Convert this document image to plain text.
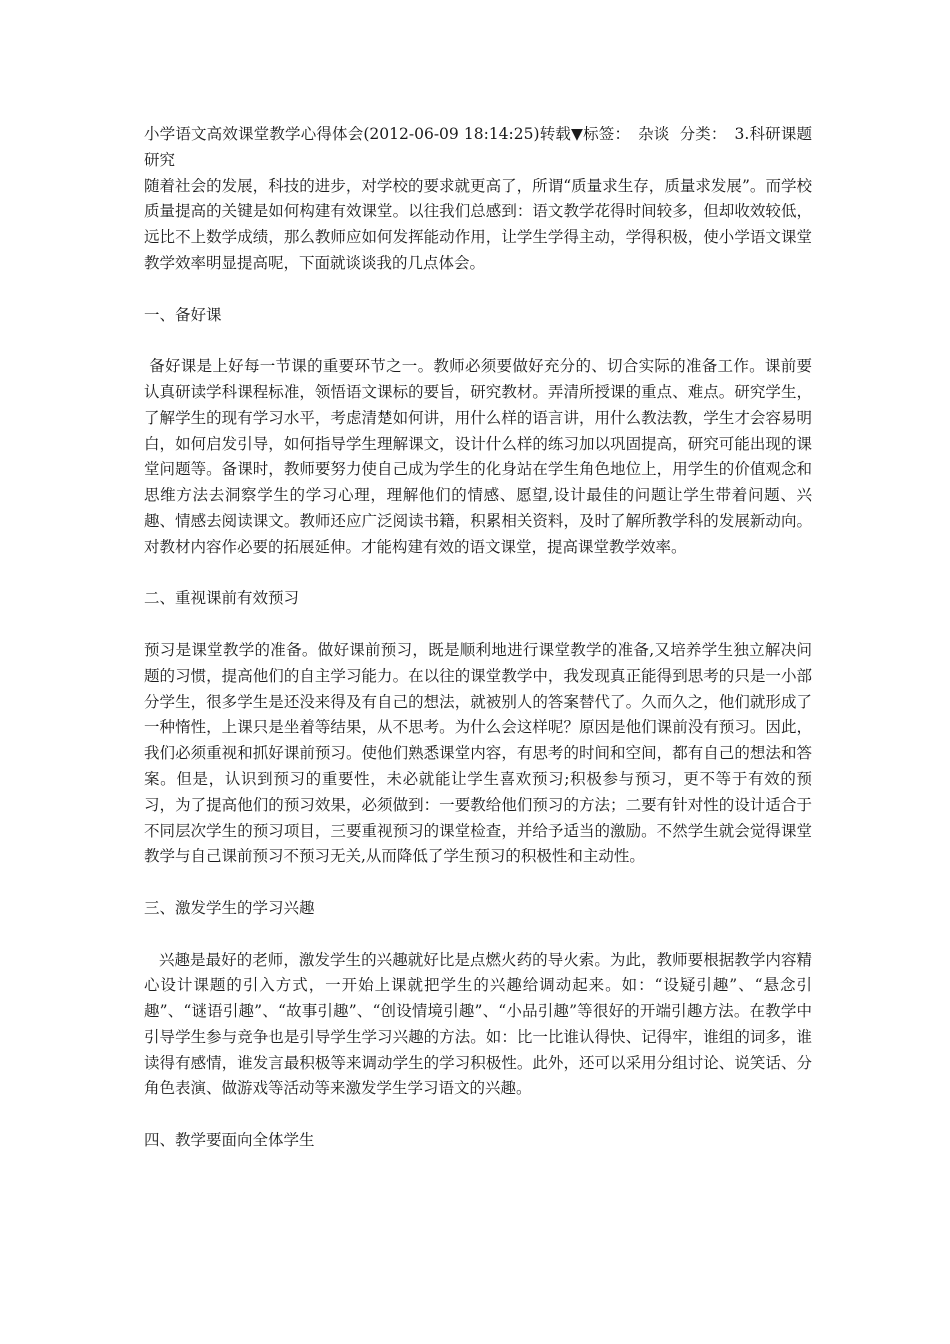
小学语文高效课堂教学心得体会(2012-06-09 18:14:25)转载▼标签：　杂谈  分类：　3.科研课题研究

随着社会的发展，科技的进步，对学校的要求就更高了，所谓“质量求生存，质量求发展”。而学校质量提高的关键是如何构建有效课堂。以往我们总感到：语文教学花得时间较多，但却收效较低，远比不上数学成绩，那么教师应如何发挥能动作用，让学生学得主动，学得积极，使小学语文课堂教学效率明显提高呢，下面就谈谈我的几点体会。

一、备好课

备好课是上好每一节课的重要环节之一。教师必须要做好充分的、切合实际的准备工作。课前要认真研读学科课程标准，领悟语文课标的要旨，研究教材。弄清所授课的重点、难点。研究学生，了解学生的现有学习水平，考虑清楚如何讲，用什么样的语言讲，用什么教法教，学生才会容易明白，如何启发引导，如何指导学生理解课文，设计什么样的练习加以巩固提高，研究可能出现的课堂问题等。备课时，教师要努力使自己成为学生的化身站在学生角色地位上，用学生的价值观念和思维方法去洞察学生的学习心理，理解他们的情感、愿望,设计最佳的问题让学生带着问题、兴趣、情感去阅读课文。教师还应广泛阅读书籍，积累相关资料，及时了解所教学科的发展新动向。对教材内容作必要的拓展延伸。才能构建有效的语文课堂，提高课堂教学效率。

二、重视课前有效预习

预习是课堂教学的准备。做好课前预习，既是顺利地进行课堂教学的准备,又培养学生独立解决问题的习惯，提高他们的自主学习能力。在以往的课堂教学中，我发现真正能得到思考的只是一小部分学生，很多学生是还没来得及有自己的想法，就被别人的答案替代了。久而久之，他们就形成了一种惰性，上课只是坐着等结果，从不思考。为什么会这样呢？原因是他们课前没有预习。因此，我们必须重视和抓好课前预习。使他们熟悉课堂内容，有思考的时间和空间，都有自己的想法和答案。但是，认识到预习的重要性，未必就能让学生喜欢预习;积极参与预习，更不等于有效的预习，为了提高他们的预习效果，必须做到：一要教给他们预习的方法；二要有针对性的设计适合于不同层次学生的预习项目，三要重视预习的课堂检查，并给予适当的激励。不然学生就会觉得课堂教学与自己课前预习不预习无关,从而降低了学生预习的积极性和主动性。

三、激发学生的学习兴趣

兴趣是最好的老师，激发学生的兴趣就好比是点燃火药的导火索。为此，教师要根据教学内容精心设计课题的引入方式，一开始上课就把学生的兴趣给调动起来。如：“设疑引趣”、“悬念引趣”、“谜语引趣”、“故事引趣”、“创设情境引趣”、“小品引趣”等很好的开端引趣方法。在教学中引导学生参与竞争也是引导学生学习兴趣的方法。如：比一比谁认得快、记得牢，谁组的词多，谁读得有感情，谁发言最积极等来调动学生的学习积极性。此外，还可以采用分组讨论、说笑话、分角色表演、做游戏等活动等来激发学生学习语文的兴趣。

四、教学要面向全体学生
